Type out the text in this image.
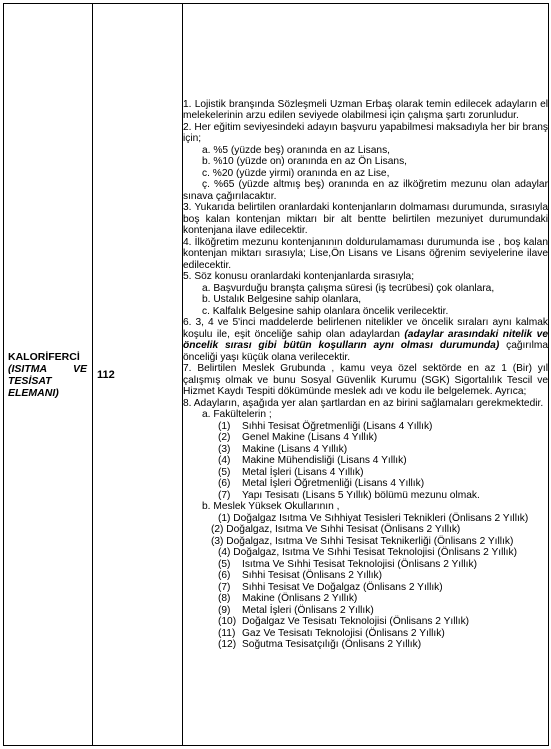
KALORİFERCİ
(ISITMA VE
TESİSAT
ELEMANI)

112

1. Lojistik branşında Sözleşmeli Uzman Erbaş olarak temin edilecek adayların el melekelerinin arzu edilen seviyede olabilmesi için çalışma şartı zorunludur.

2. Her eğitim seviyesindeki adayın başvuru yapabilmesi maksadıyla her bir branş için;

a. %5 (yüzde beş) oranında en az Lisans,

b. %10 (yüzde on) oranında en az Ön Lisans,

c. %20 (yüzde yirmi) oranında en az Lise,

ç. %65 (yüzde altmış beş) oranında en az ilköğretim mezunu olan adaylar sınava çağırılacaktır.

3. Yukarıda belirtilen oranlardaki kontenjanların dolmaması durumunda, sırasıyla boş kalan kontenjan miktarı bir alt bentte belirtilen mezuniyet durumundaki kontenjana ilave edilecektir.

4. İlköğretim mezunu kontenjanının doldurulamaması durumunda ise , boş kalan kontenjan miktarı sırasıyla; Lise,Ön Lisans ve Lisans öğrenim seviyelerine ilave edilecektir.

5. Söz konusu oranlardaki kontenjanlarda sırasıyla;

a. Başvurduğu branşta çalışma süresi (iş tecrübesi) çok olanlara,

b. Ustalık Belgesine sahip olanlara,

c. Kalfalık Belgesine sahip olanlara öncelik verilecektir.

6. 3, 4 ve 5'inci maddelerde belirlenen nitelikler ve öncelik sıraları aynı kalmak koşulu ile, eşit önceliğe sahip olan adaylardan (adaylar arasındaki nitelik ve öncelik sırası gibi bütün koşulların aynı olması durumunda) çağırılma önceliği yaşı küçük olana verilecektir.

7. Belirtilen Meslek Grubunda , kamu veya özel sektörde en az 1 (Bir) yıl çalışmış olmak ve bunu Sosyal Güvenlik Kurumu (SGK) Sigortalılık Tescil ve Hizmet Kaydı Tespiti dökümünde meslek adı ve kodu ile belgelemek. Ayrıca;

8. Adayların, aşağıda yer alan şartlardan en az birini sağlamaları gerekmektedir.

a. Fakültelerin ;

(1) Sıhhi Tesisat Öğretmenliği (Lisans 4 Yıllık)

(2) Genel Makine (Lisans 4 Yıllık)

(3) Makine (Lisans 4 Yıllık)

(4) Makine Mühendisliği (Lisans 4 Yıllık)

(5) Metal İşleri (Lisans 4 Yıllık)

(6) Metal İşleri Öğretmenliği (Lisans 4 Yıllık)

(7) Yapı Tesisatı (Lisans 5 Yıllık) bölümü mezunu olmak.

b. Meslek Yüksek Okullarının ,

(1) Doğalgaz Isıtma Ve Sıhhiyat Tesisleri Teknikleri (Önlisans 2 Yıllık)

(2) Doğalgaz, Isıtma Ve Sıhhi Tesisat (Önlisans 2 Yıllık)

(3) Doğalgaz, Isıtma Ve Sıhhi Tesisat Teknikerliği (Önlisans 2 Yıllık)

(4) Doğalgaz, Isıtma Ve Sıhhi Tesisat Teknolojisi (Önlisans 2 Yıllık)

(5) Isıtma Ve Sıhhi Tesisat Teknolojisi (Önlisans 2 Yıllık)

(6) Sıhhi Tesisat (Önlisans 2 Yıllık)

(7) Sıhhi Tesisat Ve Doğalgaz (Önlisans 2 Yıllık)

(8) Makine (Önlisans 2 Yıllık)

(9) Metal İşleri (Önlisans 2 Yıllık)

(10) Doğalgaz Ve Tesisatı Teknolojisi (Önlisans 2 Yıllık)

(11) Gaz Ve Tesisatı Teknolojisi (Önlisans 2 Yıllık)

(12) Soğutma Tesisatçılığı (Önlisans 2 Yıllık)
